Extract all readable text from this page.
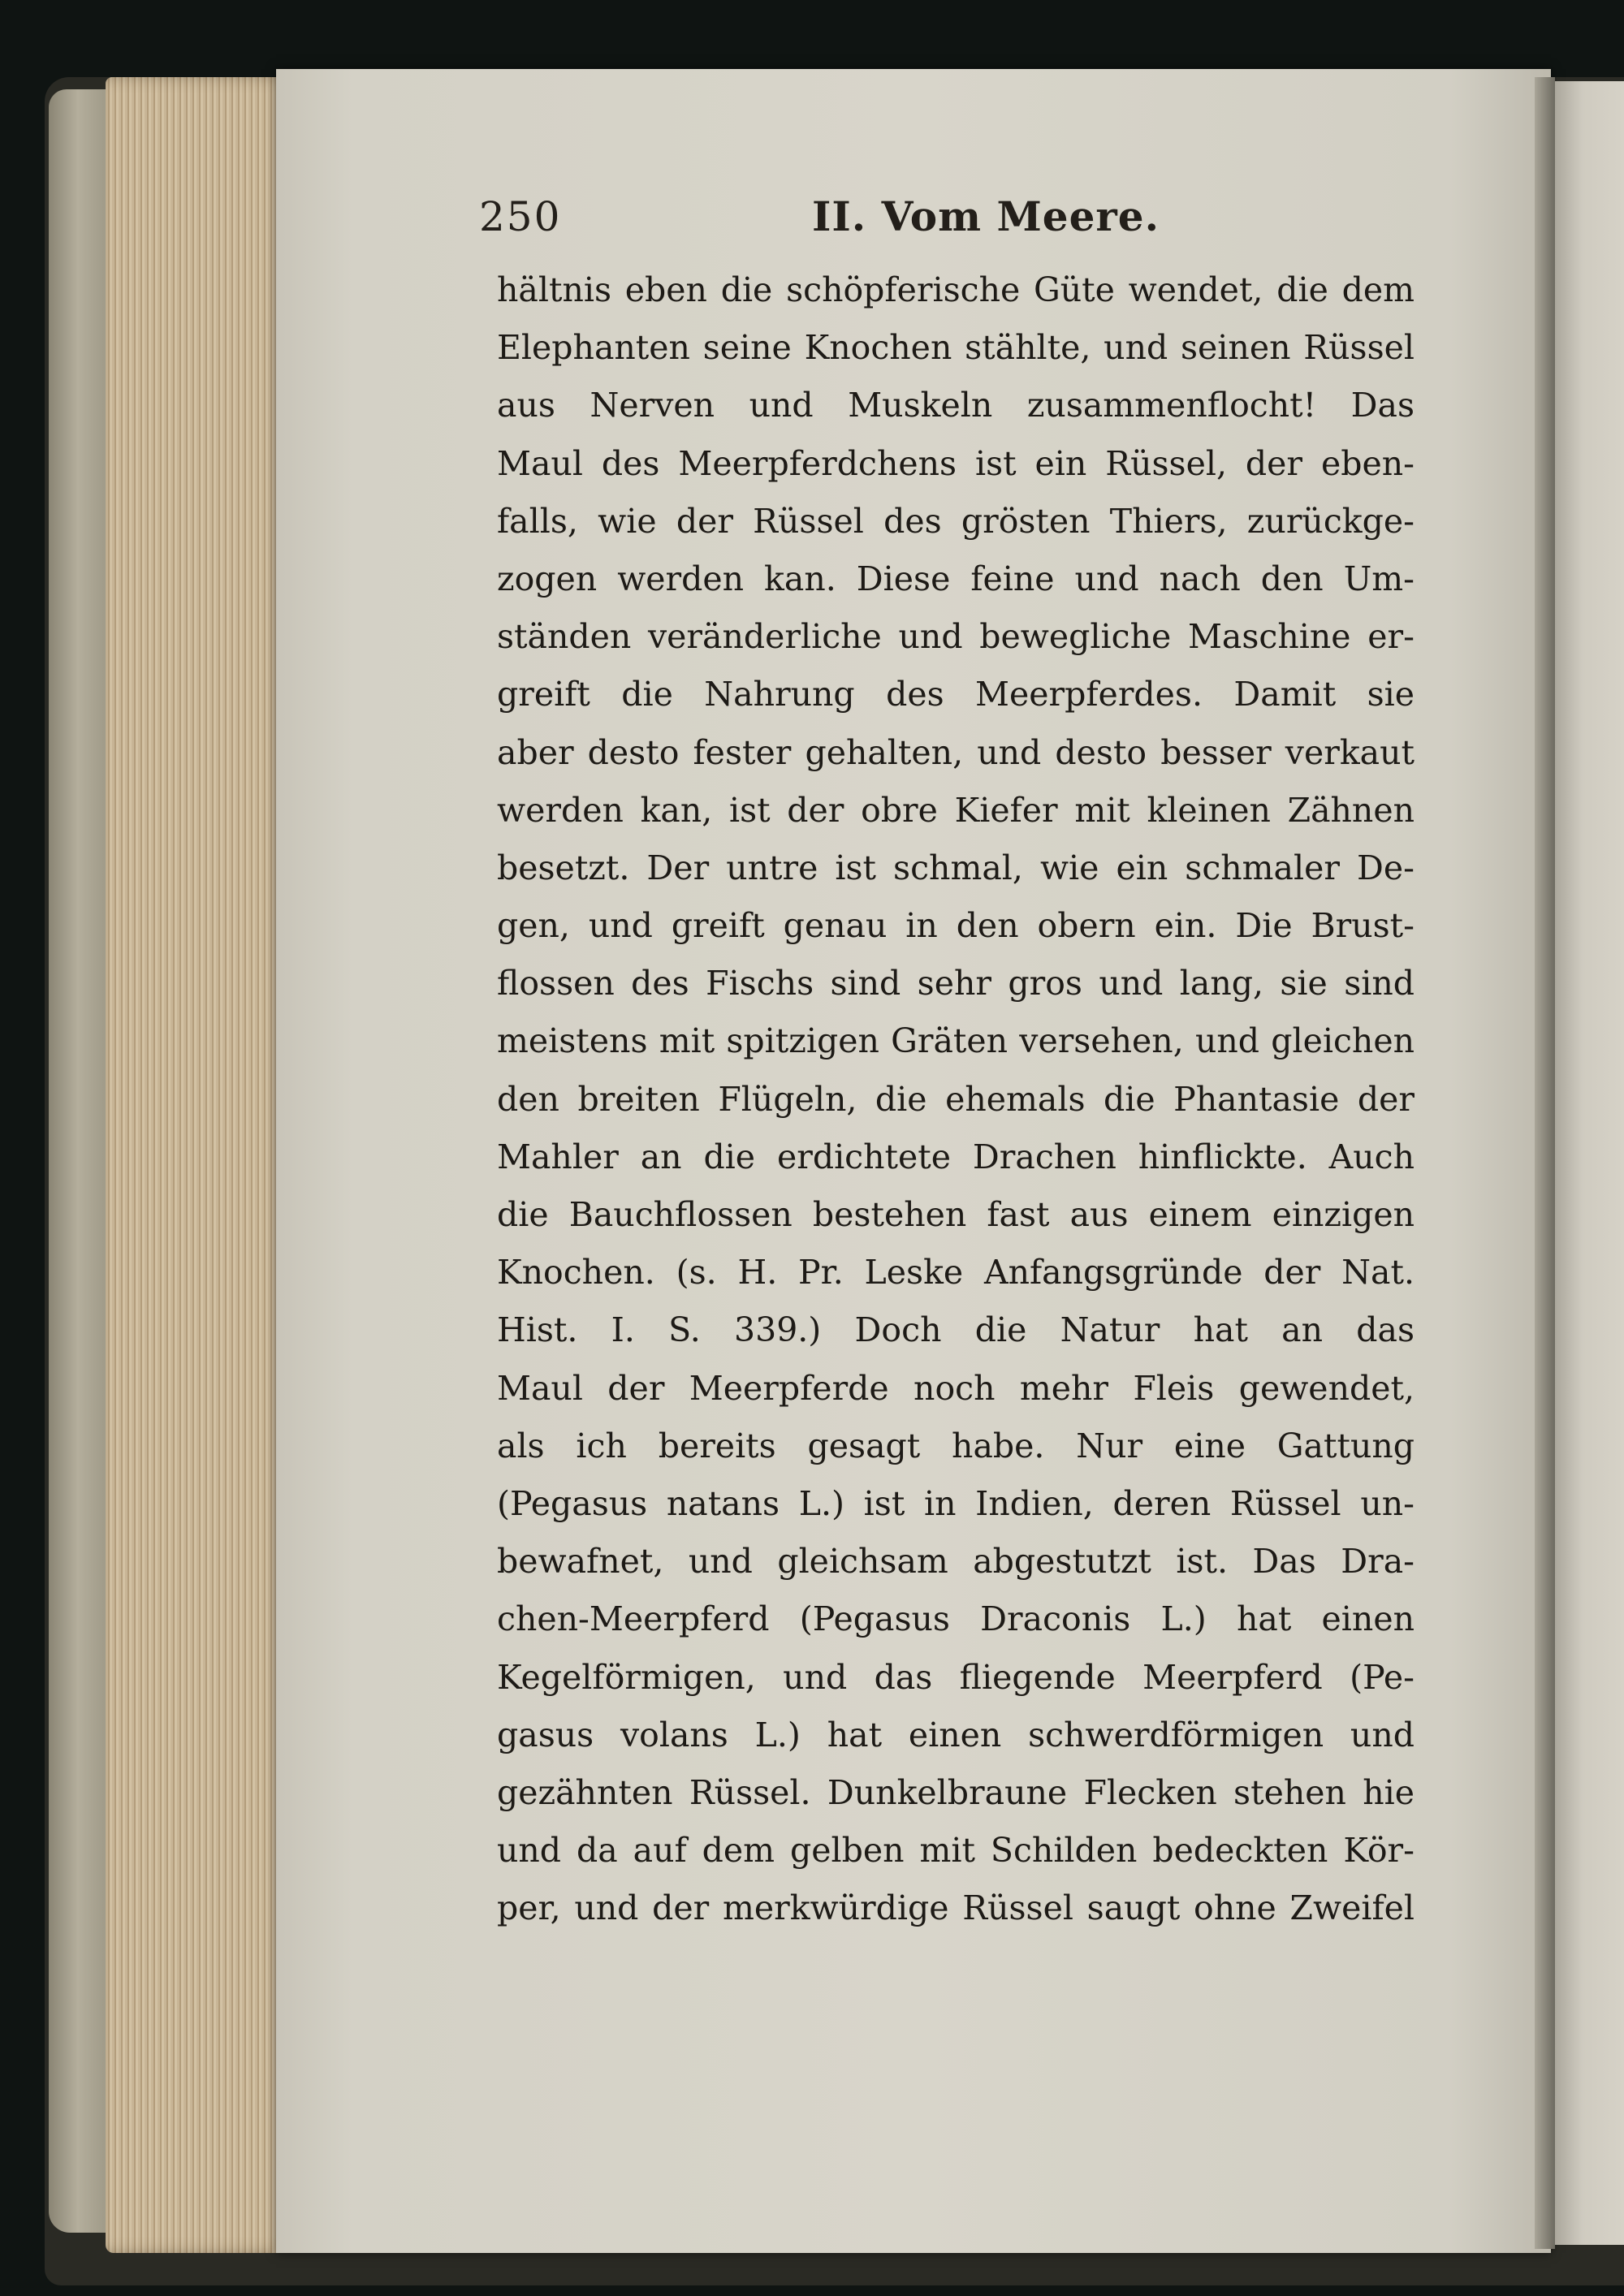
250	II. Vom Meere.
hältnis eben die schöpferische Güte wendet, die dem
Elephanten seine Knochen stählte, und seinen Rüssel
aus Nerven und Muskeln zusammenflocht! Das
Maul des Meerpferdchens ist ein Rüssel, der eben-
falls, wie der Rüssel des grösten Thiers, zurückge-
zogen werden kan. Diese feine und nach den Um-
ständen veränderliche und bewegliche Maschine er-
greift die Nahrung des Meerpferdes. Damit sie
aber desto fester gehalten, und desto besser verkaut
werden kan, ist der obre Kiefer mit kleinen Zähnen
besetzt. Der untre ist schmal, wie ein schmaler De-
gen, und greift genau in den obern ein. Die Brust-
flossen des Fischs sind sehr gros und lang, sie sind
meistens mit spitzigen Gräten versehen, und gleichen
den breiten Flügeln, die ehemals die Phantasie der
Mahler an die erdichtete Drachen hinflickte. Auch
die Bauchflossen bestehen fast aus einem einzigen
Knochen. (s. H. Pr. Leske Anfangsgründe der Nat.
Hist. I. S. 339.) Doch die Natur hat an das
Maul der Meerpferde noch mehr Fleis gewendet,
als ich bereits gesagt habe. Nur eine Gattung
(Pegasus natans L.) ist in Indien, deren Rüssel un-
bewafnet, und gleichsam abgestutzt ist. Das Dra-
chen-Meerpferd (Pegasus Draconis L.) hat einen
Kegelförmigen, und das fliegende Meerpferd (Pe-
gasus volans L.) hat einen schwerdförmigen und
gezähnten Rüssel. Dunkelbraune Flecken stehen hie
und da auf dem gelben mit Schilden bedeckten Kör-
per, und der merkwürdige Rüssel saugt ohne Zweifel
